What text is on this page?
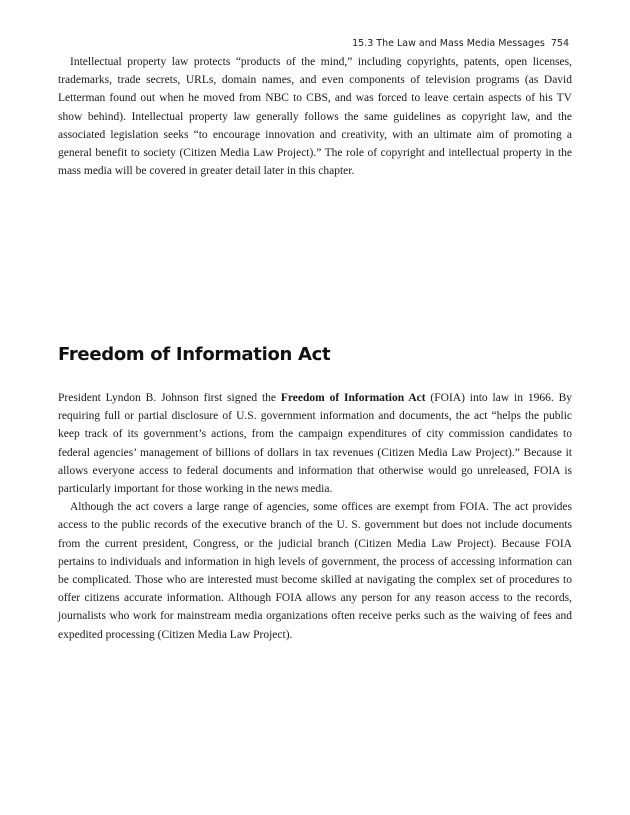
15.3 The Law and Mass Media Messages 754

Intellectual property law protects “products of the mind,” including copyrights, patents, open licenses, trademarks, trade secrets, URLs, domain names, and even components of television programs (as David Letterman found out when he moved from NBC to CBS, and was forced to leave certain aspects of his TV show behind). Intellectual property law generally follows the same guidelines as copyright law, and the associated legislation seeks “to encourage innovation and creativity, with an ultimate aim of promoting a general benefit to society (Citizen Media Law Project).” The role of copyright and intellectual property in the mass media will be covered in greater detail later in this chapter.

Freedom of Information Act

President Lyndon B. Johnson first signed the Freedom of Information Act (FOIA) into law in 1966. By requiring full or partial disclosure of U.S. government information and documents, the act “helps the public keep track of its government’s actions, from the campaign expenditures of city commission candidates to federal agencies’ management of billions of dollars in tax revenues (Citizen Media Law Project).” Because it allows everyone access to federal documents and information that otherwise would go unreleased, FOIA is particularly important for those working in the news media.

Although the act covers a large range of agencies, some offices are exempt from FOIA. The act provides access to the public records of the executive branch of the U. S. government but does not include documents from the current president, Congress, or the judicial branch (Citizen Media Law Project). Because FOIA pertains to individuals and information in high levels of government, the process of accessing information can be complicated. Those who are interested must become skilled at navigating the complex set of procedures to offer citizens accurate information. Although FOIA allows any person for any reason access to the records, journalists who work for mainstream media organizations often receive perks such as the waiving of fees and expedited processing (Citizen Media Law Project).
